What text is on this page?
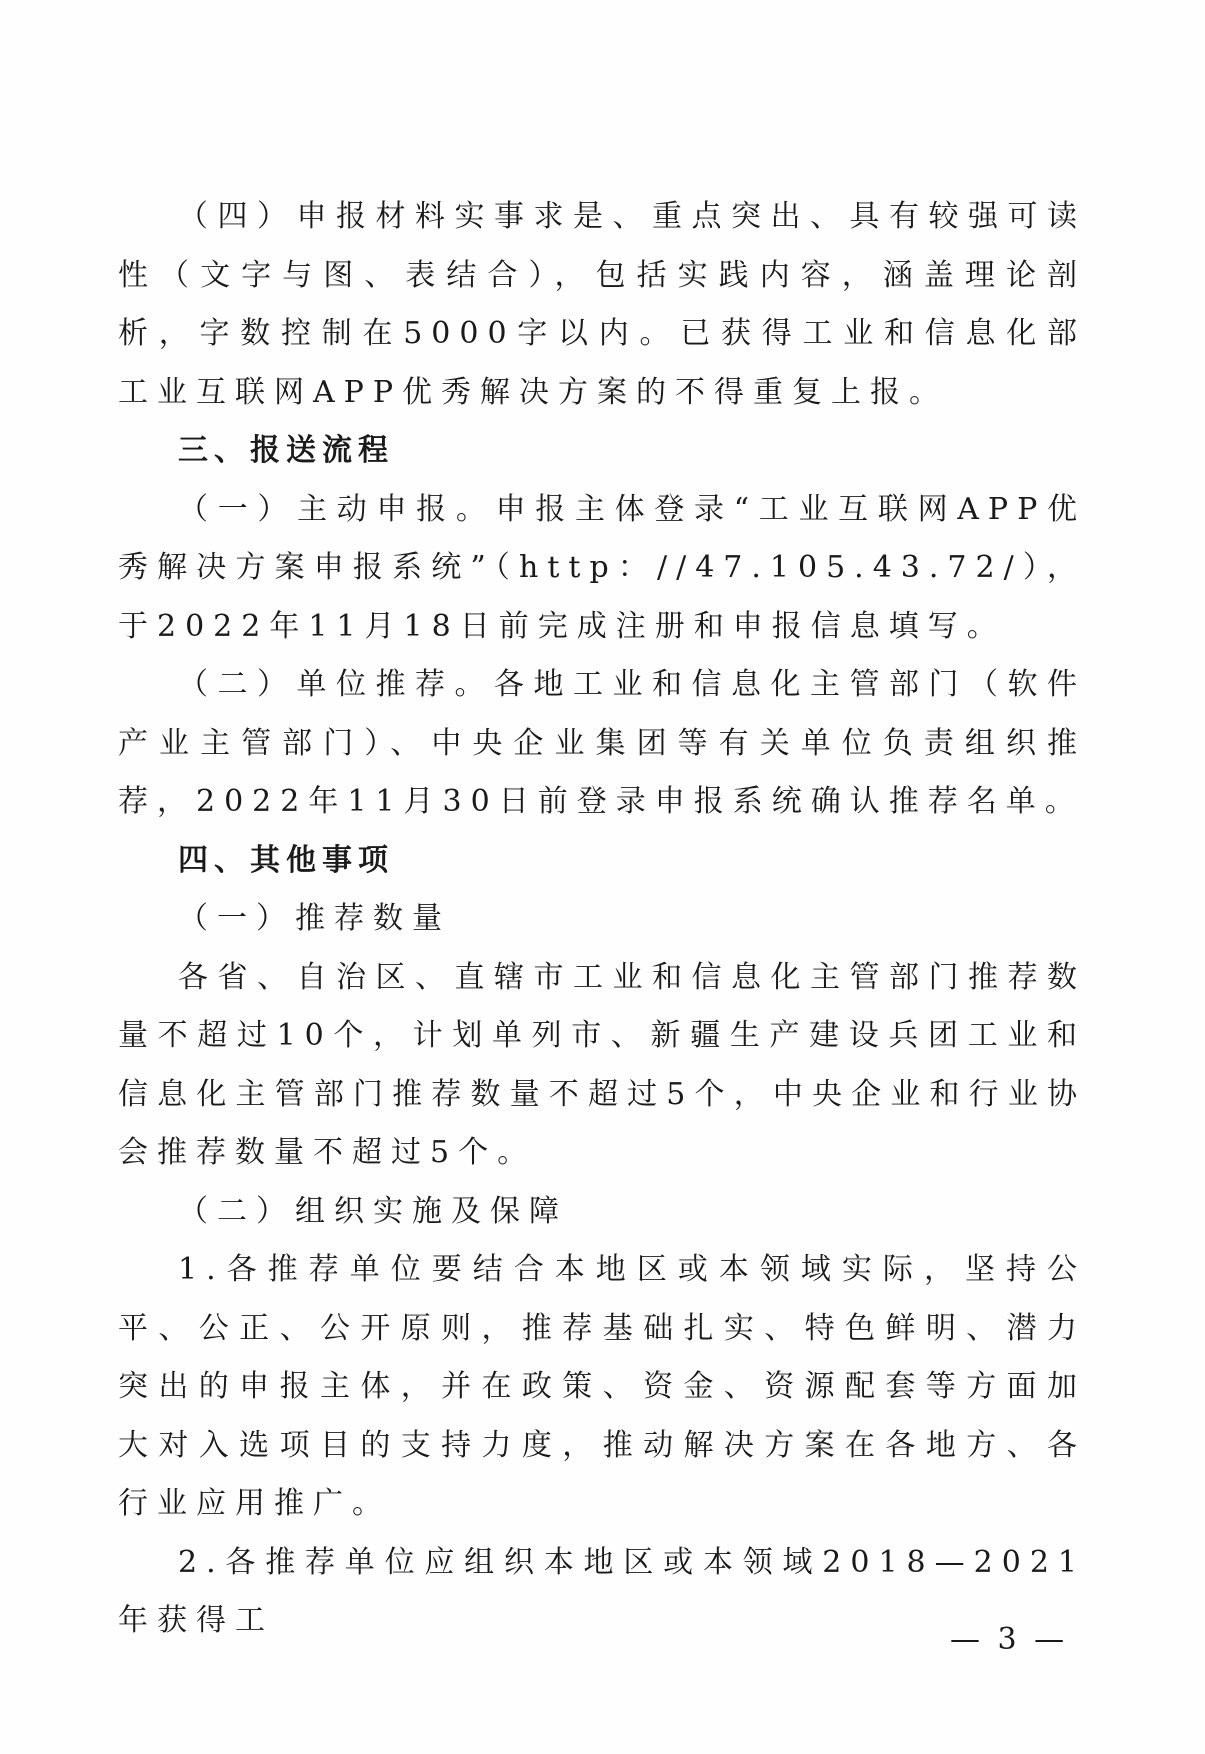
（四）申报材料实事求是、重点突出、具有较强可读性（文字与图、表结合），包括实践内容，涵盖理论剖析，字数控制在5000字以内。已获得工业和信息化部工业互联网APP优秀解决方案的不得重复上报。

三、报送流程

（一）主动申报。申报主体登录“工业互联网APP优秀解决方案申报系统”（http：//47.105.43.72/），于2022年11月18日前完成注册和申报信息填写。

（二）单位推荐。各地工业和信息化主管部门（软件产业主管部门）、中央企业集团等有关单位负责组织推荐，2022年11月30日前登录申报系统确认推荐名单。

四、其他事项

（一）推荐数量

各省、自治区、直辖市工业和信息化主管部门推荐数量不超过10个，计划单列市、新疆生产建设兵团工业和信息化主管部门推荐数量不超过5个，中央企业和行业协会推荐数量不超过5个。

（二）组织实施及保障

1.各推荐单位要结合本地区或本领域实际，坚持公平、公正、公开原则，推荐基础扎实、特色鲜明、潜力突出的申报主体，并在政策、资金、资源配套等方面加大对入选项目的支持力度，推动解决方案在各地方、各行业应用推广。

2.各推荐单位应组织本地区或本领域2018—2021年获得工

— 3 —
